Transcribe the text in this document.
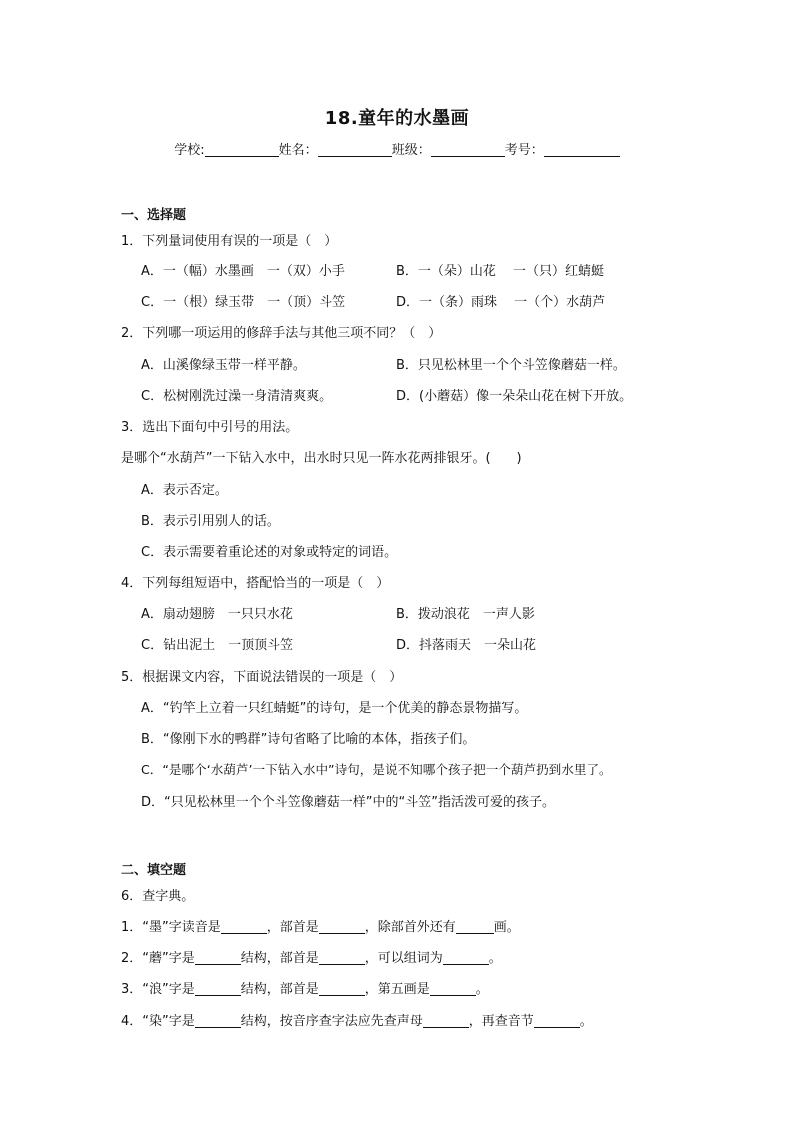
18.童年的水墨画
学校:	姓名：	班级：	考号：
一、选择题
1．下列量词使用有误的一项是（　）
A．一（幅）水墨画　一（双）小手	B．一（朵）山花　 一（只）红蜻蜓
C．一（根）绿玉带　一（顶）斗笠	D．一（条）雨珠　 一（个）水葫芦
2．下列哪一项运用的修辞手法与其他三项不同？（　）
A．山溪像绿玉带一样平静。	B．只见松林里一个个斗笠像蘑菇一样。
C．松树刚洗过澡一身清清爽爽。	D．(小蘑菇）像一朵朵山花在树下开放。
3．选出下面句中引号的用法。
是哪个“水葫芦”一下钻入水中，出水时只见一阵水花两排银牙。(　　)
A．表示否定。
B．表示引用别人的话。
C．表示需要着重论述的对象或特定的词语。
4．下列每组短语中，搭配恰当的一项是（　）
A．扇动翅膀　一只只水花	B．拨动浪花　一声人影
C．钻出泥土　一顶顶斗笠	D．抖落雨天　一朵山花
5．根据课文内容，下面说法错误的一项是（　）
A．“钓竿上立着一只红蜻蜓”的诗句，是一个优美的静态景物描写。
B．“像刚下水的鸭群”诗句省略了比喻的本体，指孩子们。
C．“是哪个‘水葫芦’一下钻入水中”诗句，是说不知哪个孩子把一个葫芦扔到水里了。
D．“只见松林里一个个斗笠像蘑菇一样”中的“斗笠”指活泼可爱的孩子。
二、填空题
6．查字典。
1．“墨”字读音是	，部首是	，除部首外还有	画。
2．“蘑”字是	结构，部首是	，可以组词为	。
3．“浪”字是	结构，部首是	，第五画是	。
4．“染”字是	结构，按音序查字法应先查声母	，再查音节	。
